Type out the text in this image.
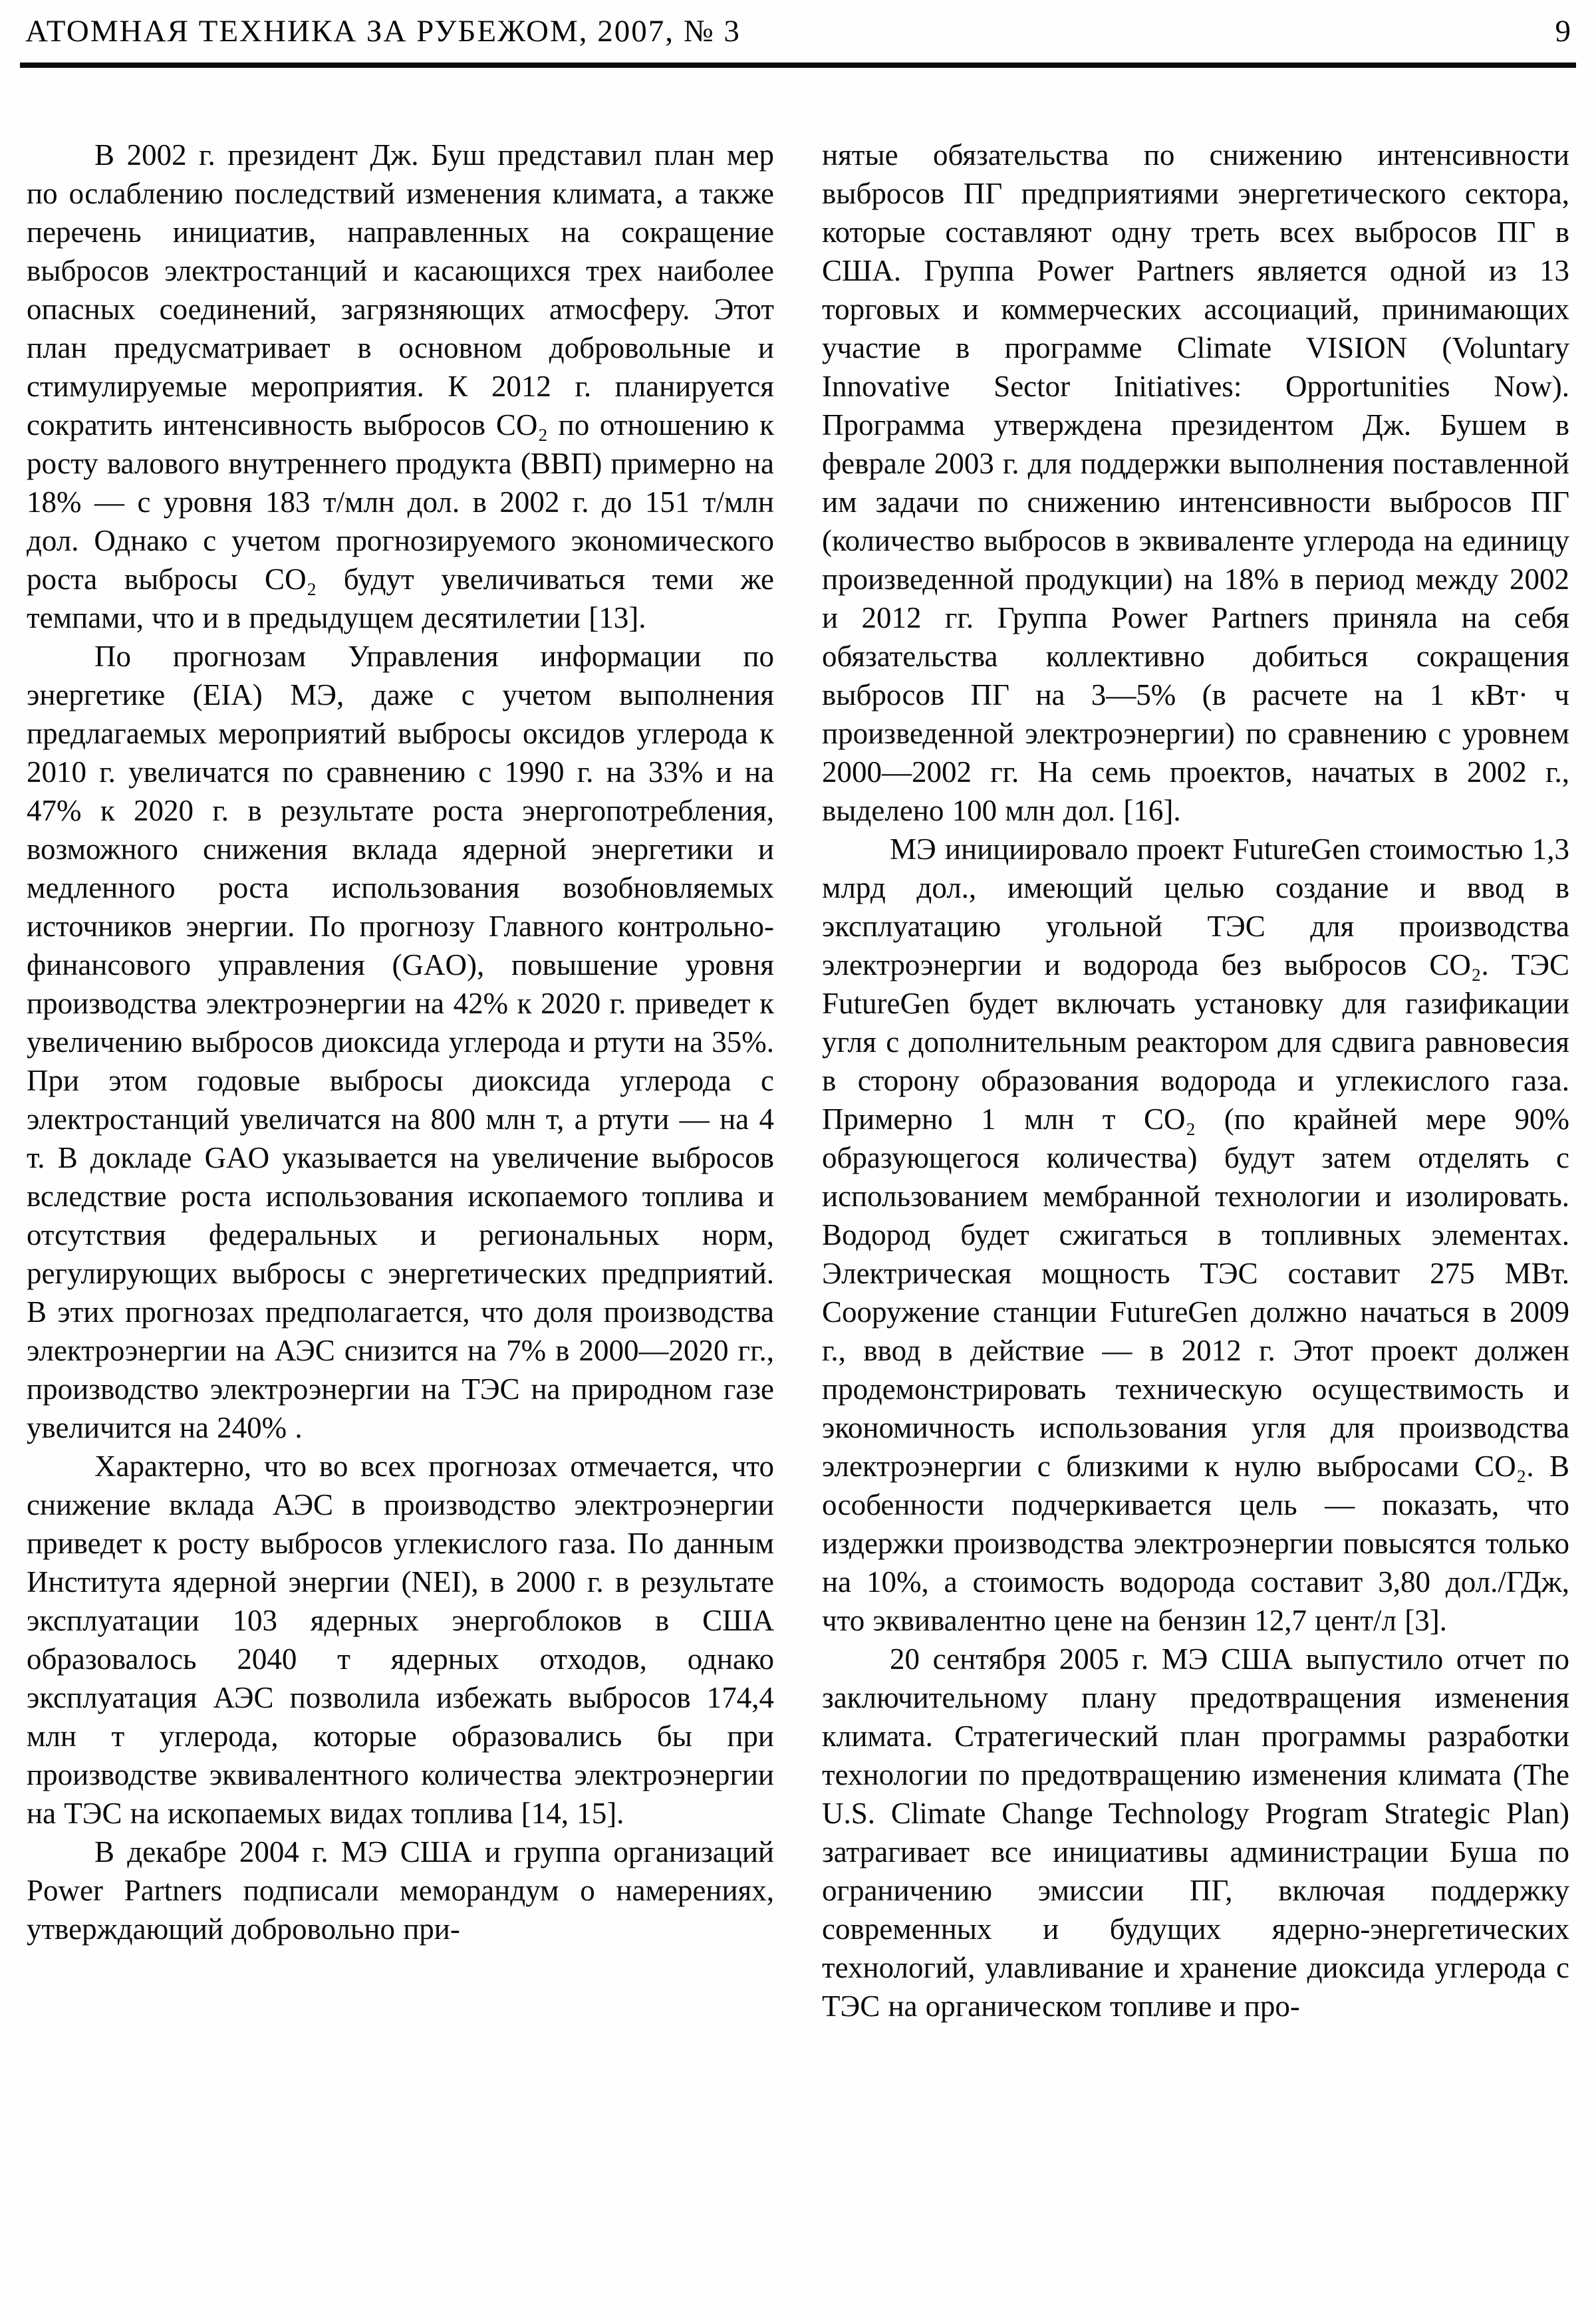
АТОМНАЯ ТЕХНИКА ЗА РУБЕЖОМ, 2007, № 3	9
В 2002 г. президент Дж. Буш представил план мер по ослаблению последствий изменения климата, а также перечень инициатив, направленных на сокращение выбросов электростанций и касающихся трех наиболее опасных соединений, загрязняющих атмосферу. Этот план предусматривает в основном добровольные и стимулируемые мероприятия. К 2012 г. планируется сократить интенсивность выбросов CO₂ по отношению к росту валового внутреннего продукта (ВВП) примерно на 18% — с уровня 183 т/млн дол. в 2002 г. до 151 т/млн дол. Однако с учетом прогнозируемого экономического роста выбросы CO₂ будут увеличиваться теми же темпами, что и в предыдущем десятилетии [13].
По прогнозам Управления информации по энергетике (EIA) МЭ, даже с учетом выполнения предлагаемых мероприятий выбросы оксидов углерода к 2010 г. увеличатся по сравнению с 1990 г. на 33% и на 47% к 2020 г. в результате роста энергопотребления, возможного снижения вклада ядерной энергетики и медленного роста использования возобновляемых источников энергии. По прогнозу Главного контрольно-финансового управления (GAO), повышение уровня производства электроэнергии на 42% к 2020 г. приведет к увеличению выбросов диоксида углерода и ртути на 35%. При этом годовые выбросы диоксида углерода с электростанций увеличатся на 800 млн т, а ртути — на 4 т. В докладе GAO указывается на увеличение выбросов вследствие роста использования ископаемого топлива и отсутствия федеральных и региональных норм, регулирующих выбросы с энергетических предприятий. В этих прогнозах предполагается, что доля производства электроэнергии на АЭС снизится на 7% в 2000—2020 гг., производство электроэнергии на ТЭС на природном газе увеличится на 240% .
Характерно, что во всех прогнозах отмечается, что снижение вклада АЭС в производство электроэнергии приведет к росту выбросов углекислого газа. По данным Института ядерной энергии (NEI), в 2000 г. в результате эксплуатации 103 ядерных энергоблоков в США образовалось 2040 т ядерных отходов, однако эксплуатация АЭС позволила избежать выбросов 174,4 млн т углерода, которые образовались бы при производстве эквивалентного количества электроэнергии на ТЭС на ископаемых видах топлива [14, 15].
В декабре 2004 г. МЭ США и группа организаций Power Partners подписали меморандум о намерениях, утверждающий добровольно при-
нятые обязательства по снижению интенсивности выбросов ПГ предприятиями энергетического сектора, которые составляют одну треть всех выбросов ПГ в США. Группа Power Partners является одной из 13 торговых и коммерческих ассоциаций, принимающих участие в программе Climate VISION (Voluntary Innovative Sector Initiatives: Opportunities Now). Программа утверждена президентом Дж. Бушем в феврале 2003 г. для поддержки выполнения поставленной им задачи по снижению интенсивности выбросов ПГ (количество выбросов в эквиваленте углерода на единицу произведенной продукции) на 18% в период между 2002 и 2012 гг. Группа Power Partners приняла на себя обязательства коллективно добиться сокращения выбросов ПГ на 3—5% (в расчете на 1 кВт· ч произведенной электроэнергии) по сравнению с уровнем 2000—2002 гг. На семь проектов, начатых в 2002 г., выделено 100 млн дол. [16].
МЭ инициировало проект FutureGen стоимостью 1,3 млрд дол., имеющий целью создание и ввод в эксплуатацию угольной ТЭС для производства электроэнергии и водорода без выбросов CO₂. ТЭС FutureGen будет включать установку для газификации угля с дополнительным реактором для сдвига равновесия в сторону образования водорода и углекислого газа. Примерно 1 млн т CO₂ (по крайней мере 90% образующегося количества) будут затем отделять с использованием мембранной технологии и изолировать. Водород будет сжигаться в топливных элементах. Электрическая мощность ТЭС составит 275 МВт. Сооружение станции FutureGen должно начаться в 2009 г., ввод в действие — в 2012 г. Этот проект должен продемонстрировать техническую осуществимость и экономичность использования угля для производства электроэнергии с близкими к нулю выбросами CO₂. В особенности подчеркивается цель — показать, что издержки производства электроэнергии повысятся только на 10%, а стоимость водорода составит 3,80 дол./ГДж, что эквивалентно цене на бензин 12,7 цент/л [3].
20 сентября 2005 г. МЭ США выпустило отчет по заключительному плану предотвращения изменения климата. Стратегический план программы разработки технологии по предотвращению изменения климата (The U.S. Climate Change Technology Program Strategic Plan) затрагивает все инициативы администрации Буша по ограничению эмиссии ПГ, включая поддержку современных и будущих ядерно-энергетических технологий, улавливание и хранение диоксида углерода с ТЭС на органическом топливе и про-
